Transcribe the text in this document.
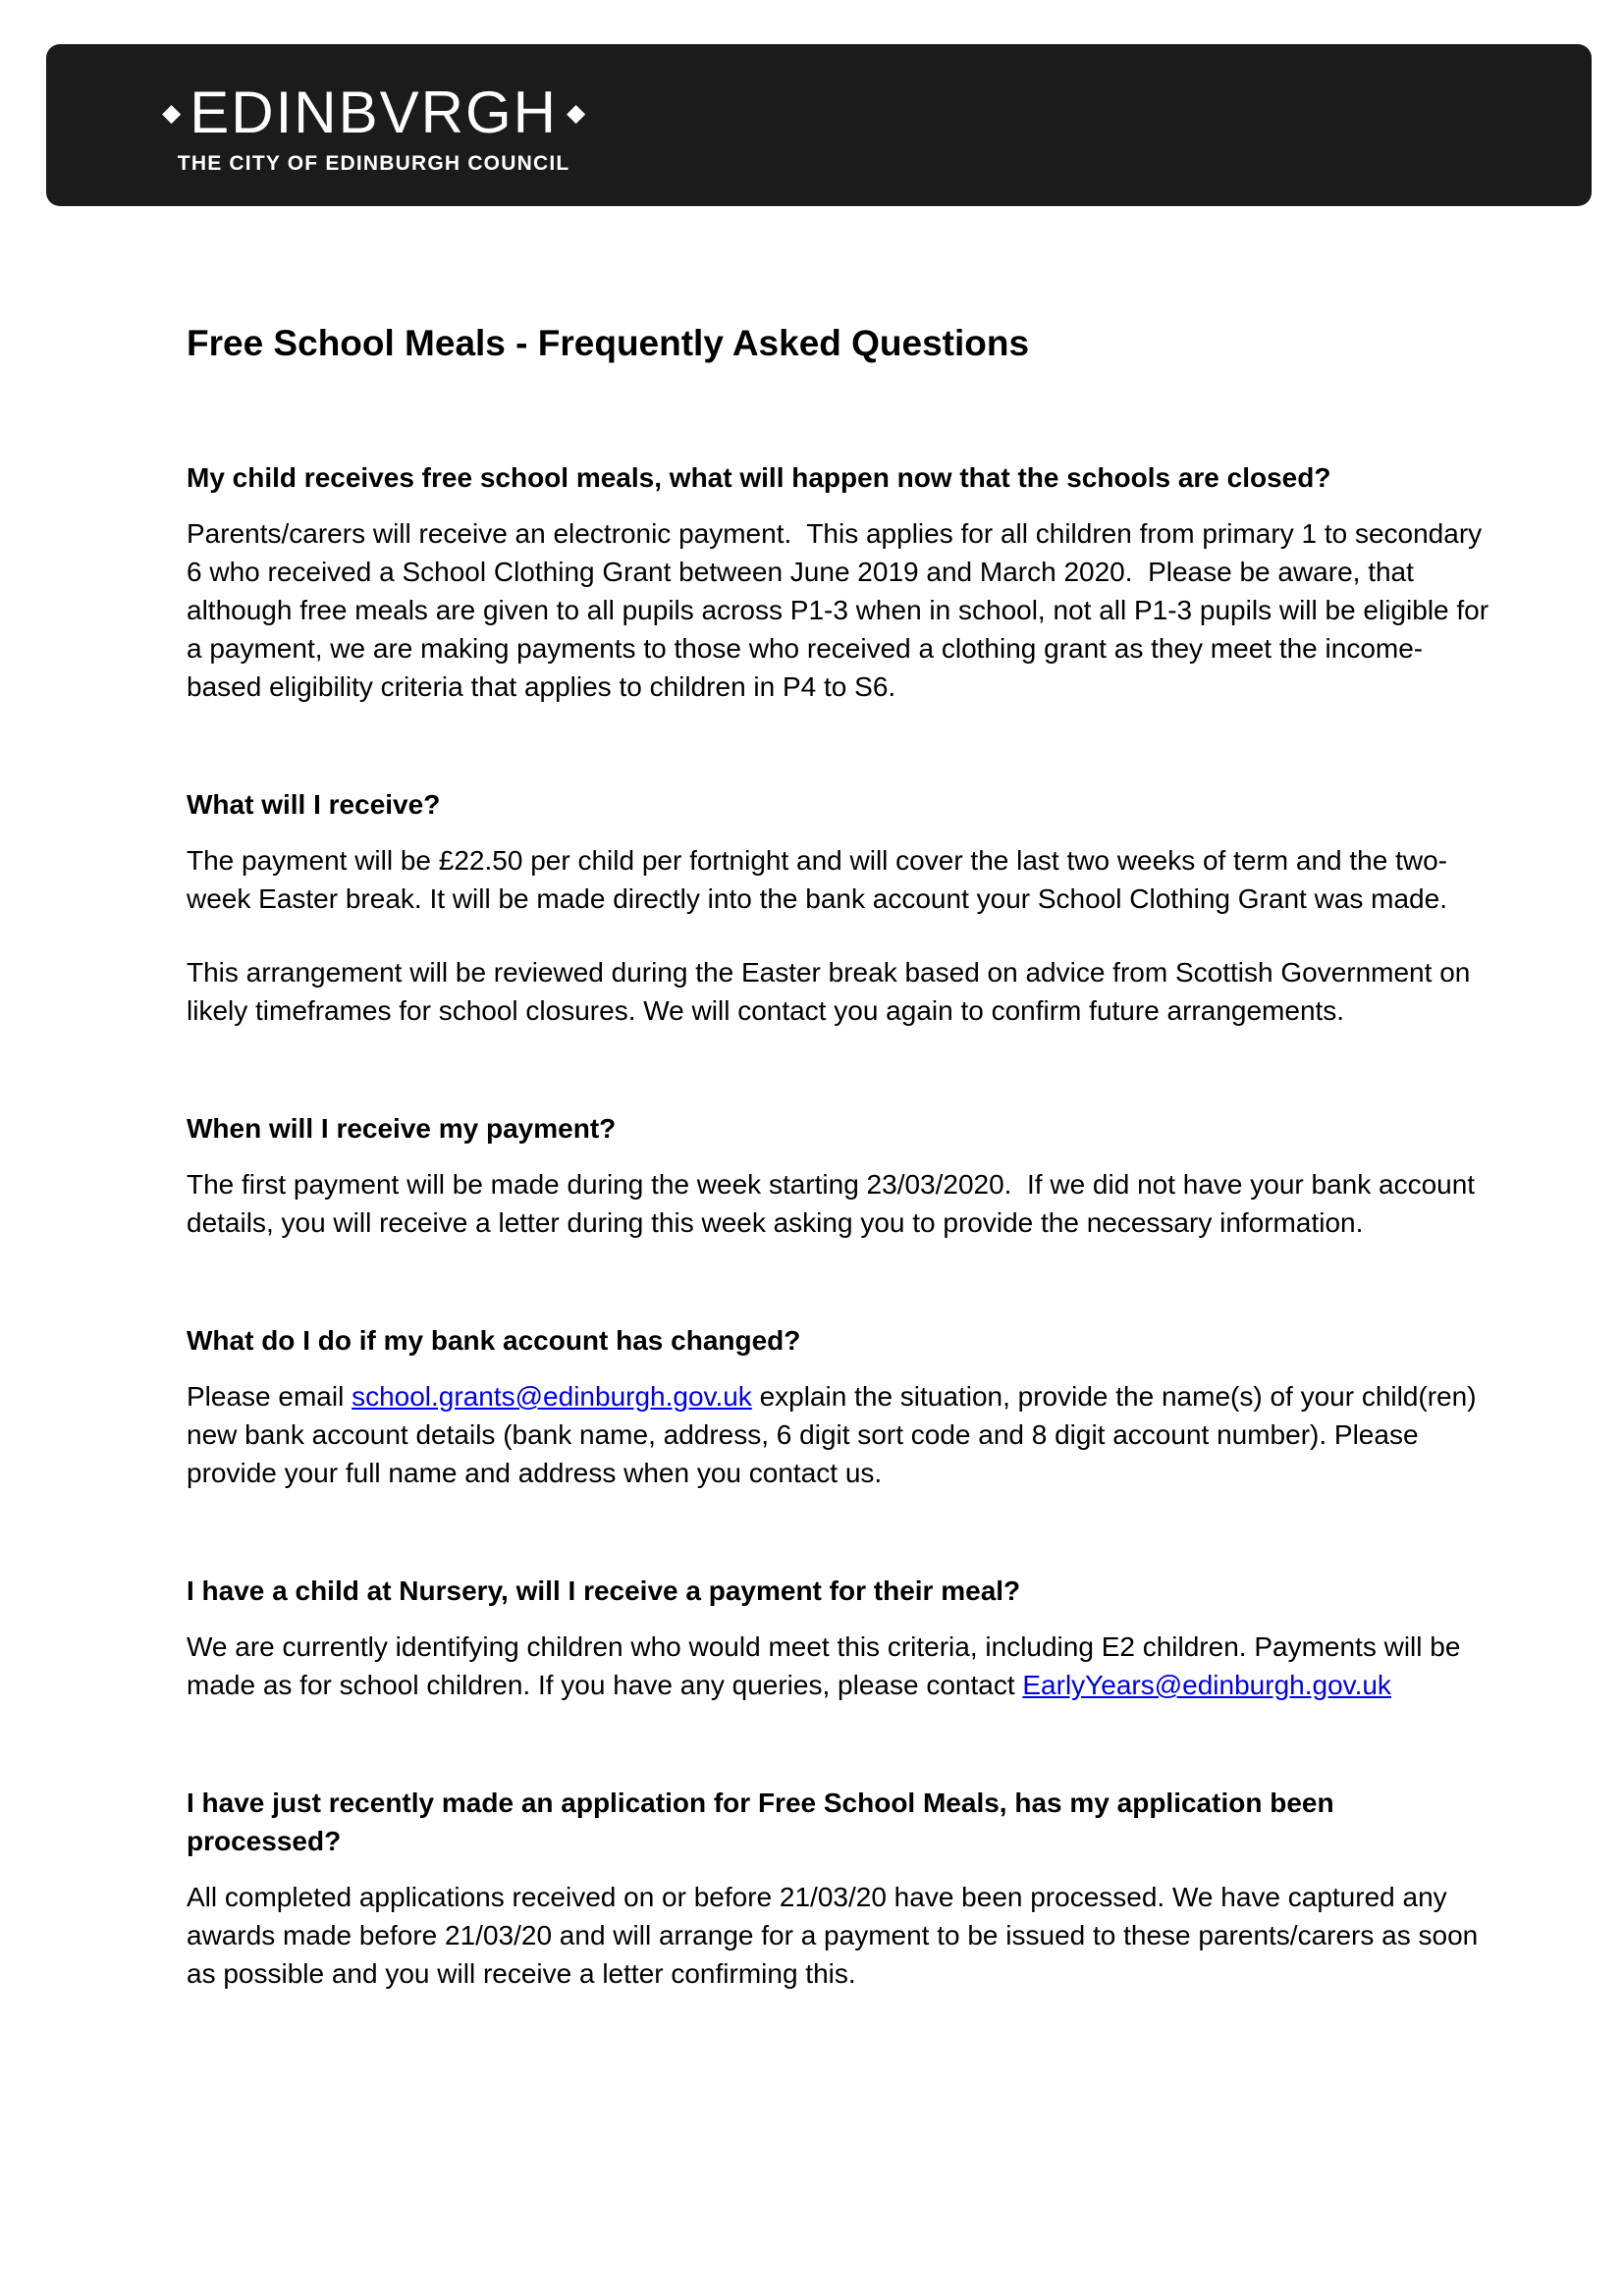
◆ EDINBVRGH ◆
THE CITY OF EDINBURGH COUNCIL
Free School Meals - Frequently Asked Questions
My child receives free school meals, what will happen now that the schools are closed?

Parents/carers will receive an electronic payment.  This applies for all children from primary 1 to secondary 6 who received a School Clothing Grant between June 2019 and March 2020.  Please be aware, that although free meals are given to all pupils across P1-3 when in school, not all P1-3 pupils will be eligible for a payment, we are making payments to those who received a clothing grant as they meet the income-based eligibility criteria that applies to children in P4 to S6.

What will I receive?

The payment will be £22.50 per child per fortnight and will cover the last two weeks of term and the two-week Easter break. It will be made directly into the bank account your School Clothing Grant was made.

This arrangement will be reviewed during the Easter break based on advice from Scottish Government on likely timeframes for school closures. We will contact you again to confirm future arrangements.

When will I receive my payment?

The first payment will be made during the week starting 23/03/2020.  If we did not have your bank account details, you will receive a letter during this week asking you to provide the necessary information.

What do I do if my bank account has changed?

Please email school.grants@edinburgh.gov.uk explain the situation, provide the name(s) of your child(ren) new bank account details (bank name, address, 6 digit sort code and 8 digit account number). Please provide your full name and address when you contact us.

I have a child at Nursery, will I receive a payment for their meal?

We are currently identifying children who would meet this criteria, including E2 children. Payments will be made as for school children. If you have any queries, please contact EarlyYears@edinburgh.gov.uk

I have just recently made an application for Free School Meals, has my application been processed?

All completed applications received on or before 21/03/20 have been processed. We have captured any awards made before 21/03/20 and will arrange for a payment to be issued to these parents/carers as soon as possible and you will receive a letter confirming this.
